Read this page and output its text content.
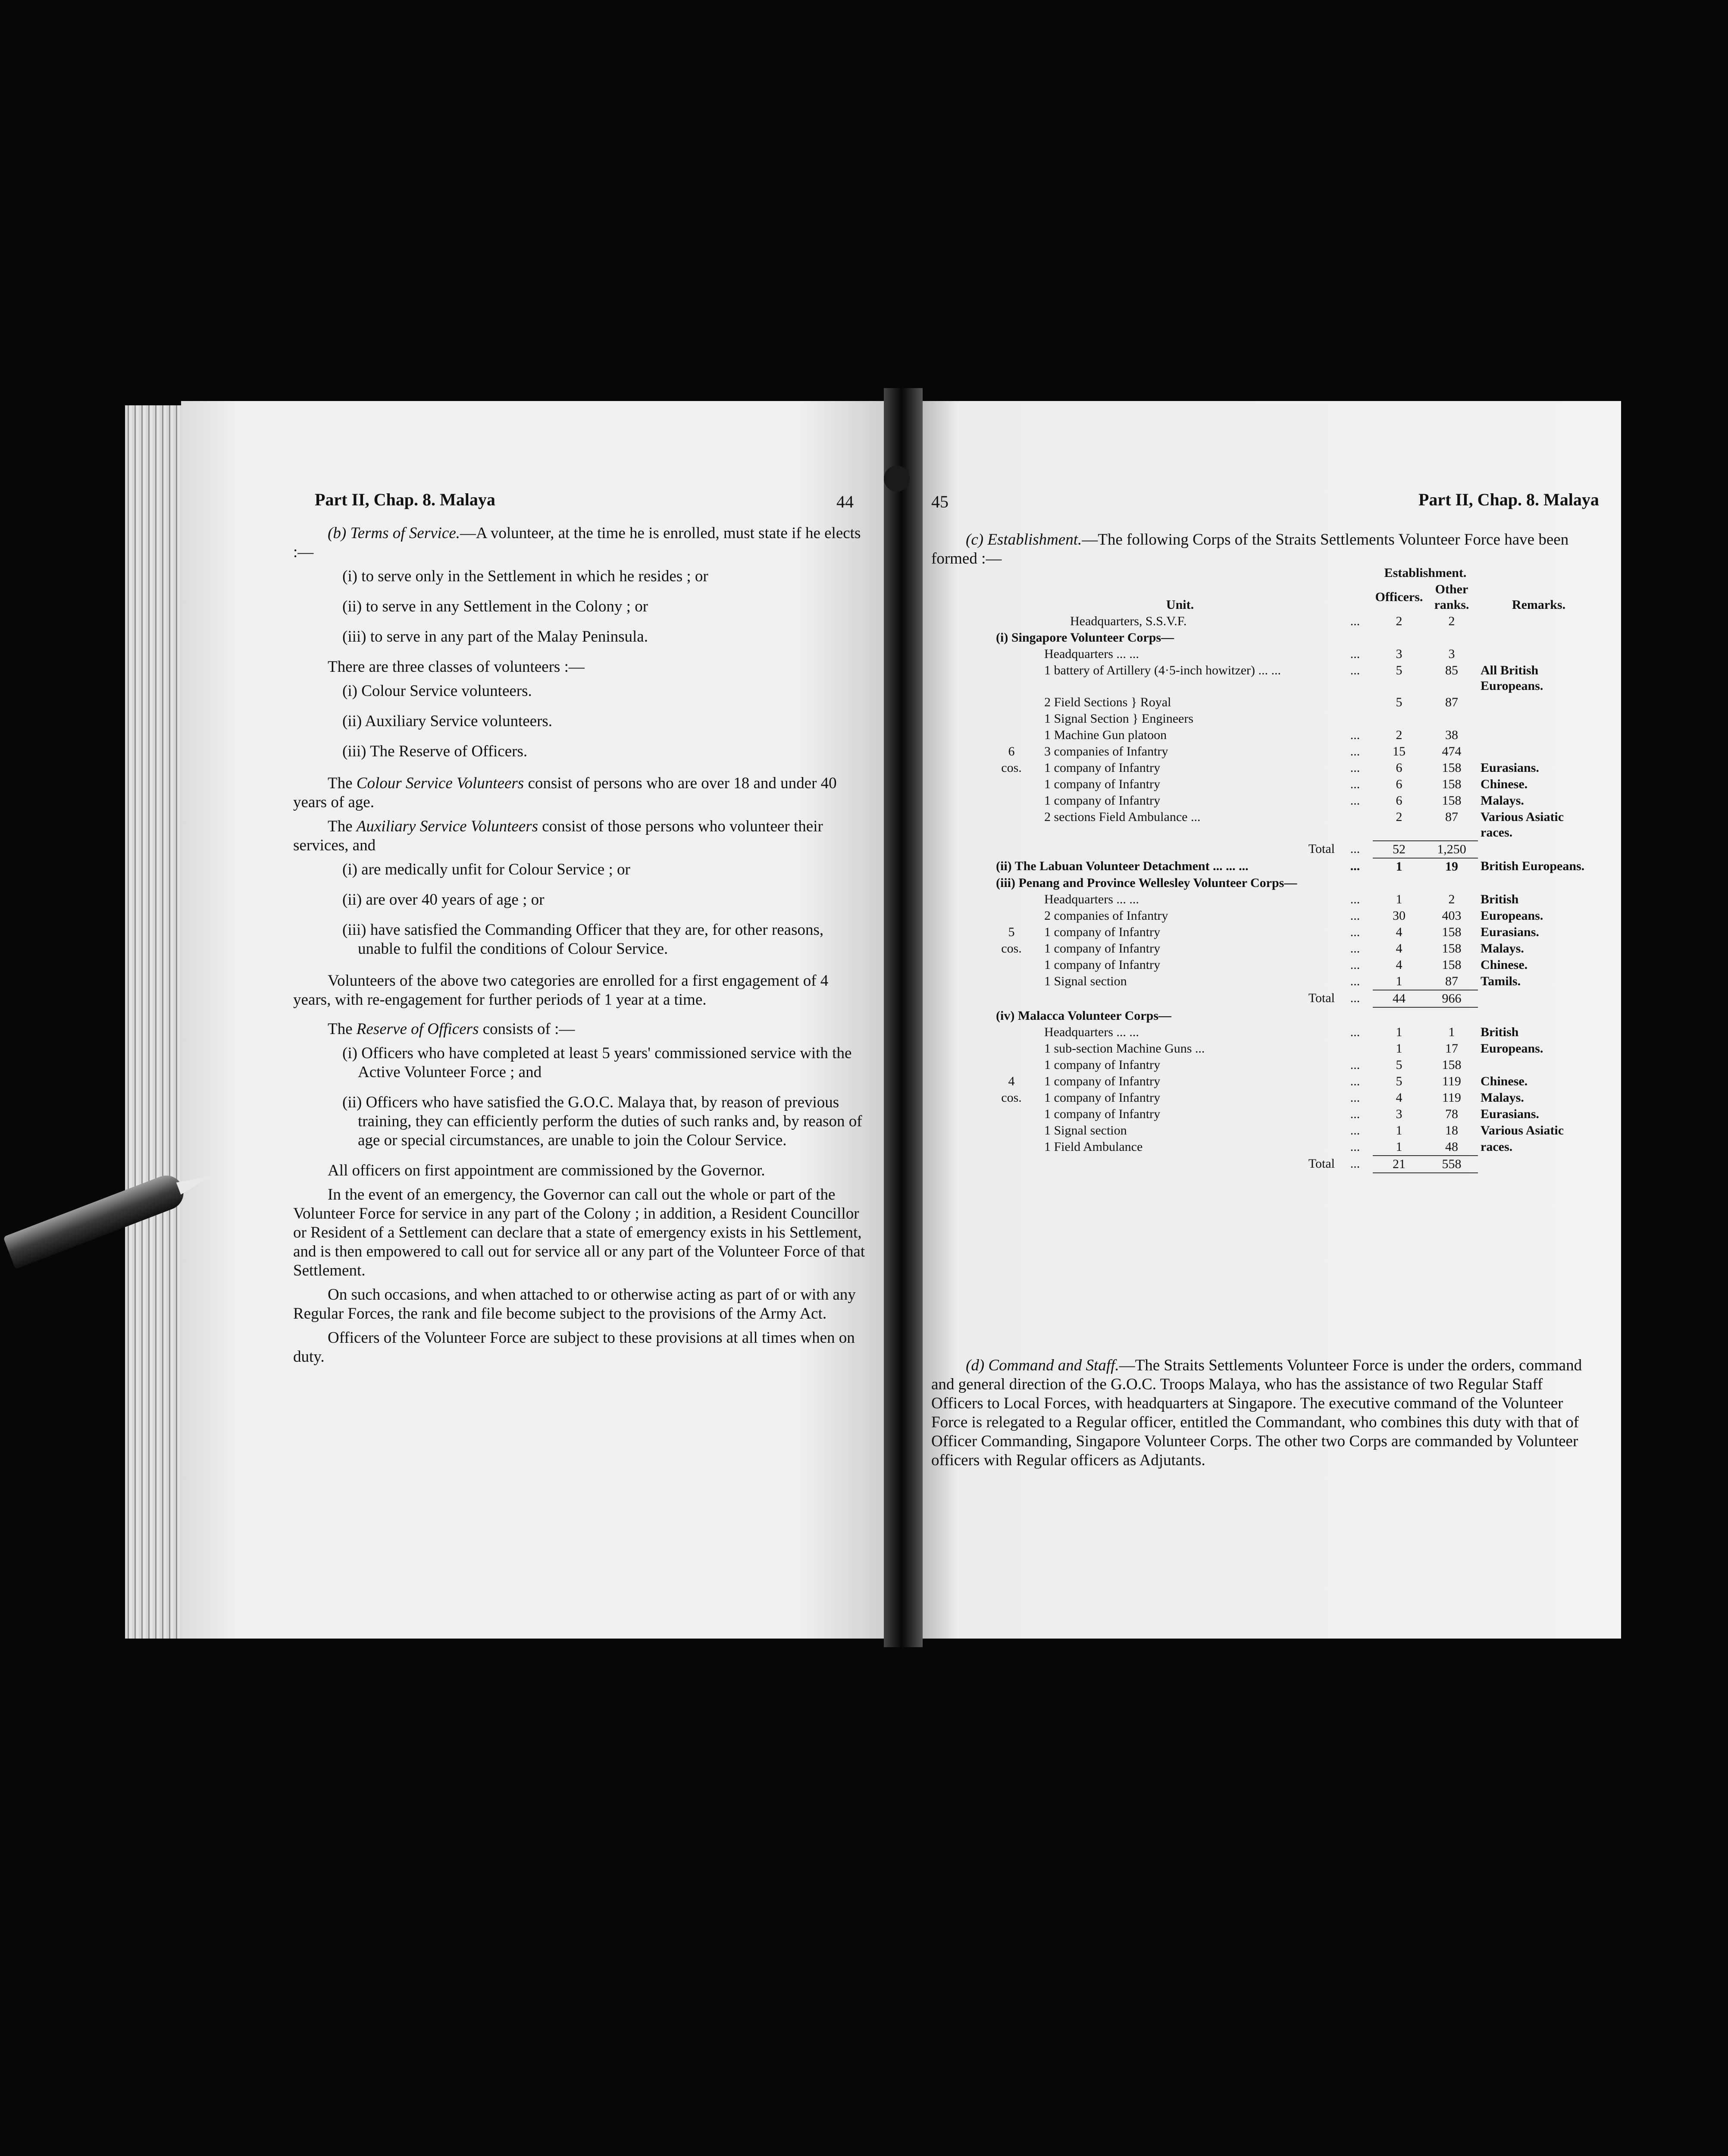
Part II, Chap. 8. Malaya	44

(b) Terms of Service.—A volunteer, at the time he is enrolled, must state if he elects :—

(i) to serve only in the Settlement in which he resides ; or

(ii) to serve in any Settlement in the Colony ; or

(iii) to serve in any part of the Malay Peninsula.

There are three classes of volunteers :—

(i) Colour Service volunteers.

(ii) Auxiliary Service volunteers.

(iii) The Reserve of Officers.

The Colour Service Volunteers consist of persons who are over 18 and under 40 years of age.

The Auxiliary Service Volunteers consist of those persons who volunteer their services, and

(i) are medically unfit for Colour Service ; or

(ii) are over 40 years of age ; or

(iii) have satisfied the Commanding Officer that they are, for other reasons, unable to fulfil the conditions of Colour Service.

Volunteers of the above two categories are enrolled for a first engagement of 4 years, with re-engagement for further periods of 1 year at a time.

The Reserve of Officers consists of :—

(i) Officers who have completed at least 5 years' commissioned service with the Active Volunteer Force ; and

(ii) Officers who have satisfied the G.O.C. Malaya that, by reason of previous training, they can efficiently perform the duties of such ranks and, by reason of age or special circumstances, are unable to join the Colour Service.

All officers on first appointment are commissioned by the Governor.

In the event of an emergency, the Governor can call out the whole or part of the Volunteer Force for service in any part of the Colony ; in addition, a Resident Councillor or Resident of a Settlement can declare that a state of emergency exists in his Settlement, and is then empowered to call out for service all or any part of the Volunteer Force of that Settlement.

On such occasions, and when attached to or otherwise acting as part of or with any Regular Forces, the rank and file become subject to the provisions of the Army Act.

Officers of the Volunteer Force are subject to these provisions at all times when on duty.

45	Part II, Chap. 8. Malaya

(c) Establishment.—The following Corps of the Straits Settlements Volunteer Force have been formed :—

Unit.			Establishment.		Remarks.
			Officers.	Other ranks.	
	Headquarters, S.S.V.F.	...	2	2	
(i) Singapore Volunteer Corps—					
	Headquarters ... ...	...	3	3	
	1 battery of Artillery (4·5-inch howitzer) ... ...	...	5	85	All British Europeans.
	2 Field Sections } Royal		5	87	
	1 Signal Section } Engineers				
	1 Machine Gun platoon	...	2	38	
6	3 companies of Infantry	...	15	474	
cos.	1 company of Infantry	...	6	158	Eurasians.
	1 company of Infantry	...	6	158	Chinese.
	1 company of Infantry	...	6	158	Malays.
	2 sections Field Ambulance ...		2	87	Various Asiatic races.
	Total	...	52	1,250	
(ii) The Labuan Volunteer Detachment ... ... ...		...	1	19	British Europeans.
(iii) Penang and Province Wellesley Volunteer Corps—					
	Headquarters ... ...	...	1	2	British
	2 companies of Infantry	...	30	403	Europeans.
5	1 company of Infantry	...	4	158	Eurasians.
cos.	1 company of Infantry	...	4	158	Malays.
	1 company of Infantry	...	4	158	Chinese.
	1 Signal section	...	1	87	Tamils.
	Total	...	44	966	
(iv) Malacca Volunteer Corps—					
	Headquarters ... ...	...	1	1	British
	1 sub-section Machine Guns ...		1	17	Europeans.
	1 company of Infantry	...	5	158	
4	1 company of Infantry	...	5	119	Chinese.
cos.	1 company of Infantry	...	4	119	Malays.
	1 company of Infantry	...	3	78	Eurasians.
	1 Signal section	...	1	18	Various Asiatic
	1 Field Ambulance	...	1	48	races.
	Total	...	21	558	

(d) Command and Staff.—The Straits Settlements Volunteer Force is under the orders, command and general direction of the G.O.C. Troops Malaya, who has the assistance of two Regular Staff Officers to Local Forces, with headquarters at Singapore. The executive command of the Volunteer Force is relegated to a Regular officer, entitled the Commandant, who combines this duty with that of Officer Commanding, Singapore Volunteer Corps. The other two Corps are commanded by Volunteer officers with Regular officers as Adjutants.
